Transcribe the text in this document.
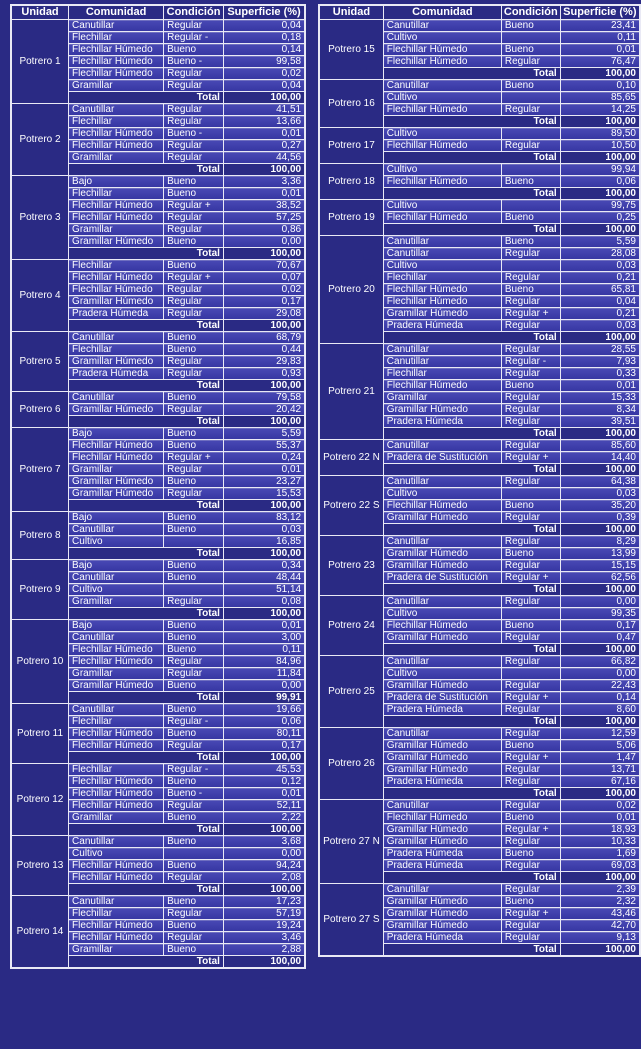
Unidad	Comunidad	Condición	Superficie (%)
Potrero 1	Canutillar	Regular	0,04
	Flechillar	Regular -	0,18
	Flechillar Húmedo	Bueno	0,14
	Flechillar Húmedo	Bueno -	99,58
	Flechillar Húmedo	Regular	0,02
	Gramillar	Regular	0,04
	Total		100,00
Potrero 2	Canutillar	Regular	41,51
	Flechillar	Regular	13,66
	Flechillar Húmedo	Bueno -	0,01
	Flechillar Húmedo	Regular	0,27
	Gramillar	Regular	44,56
	Total		100,00
Potrero 3	Bajo	Bueno	3,36
	Flechillar	Bueno	0,01
	Flechillar Húmedo	Regular +	38,52
	Flechillar Húmedo	Regular	57,25
	Gramillar	Regular	0,86
	Gramillar Húmedo	Bueno	0,00
	Total		100,00
Potrero 4	Flechillar	Bueno	70,67
	Flechillar Húmedo	Regular +	0,07
	Flechillar Húmedo	Regular	0,02
	Gramillar Húmedo	Regular	0,17
	Pradera Húmeda	Regular	29,08
	Total		100,00
Potrero 5	Canutillar	Bueno	68,79
	Flechillar	Bueno	0,44
	Gramillar Húmedo	Regular	29,83
	Pradera Húmeda	Regular	0,93
	Total		100,00
Potrero 6	Canutillar	Bueno	79,58
	Gramillar Húmedo	Regular	20,42
	Total		100,00
Potrero 7	Bajo	Bueno	5,59
	Flechillar Húmedo	Bueno	55,37
	Flechillar Húmedo	Regular +	0,24
	Gramillar	Regular	0,01
	Gramillar Húmedo	Bueno	23,27
	Gramillar Húmedo	Regular	15,53
	Total		100,00
Potrero 8	Bajo	Bueno	83,12
	Canutillar	Bueno	0,03
	Cultivo		16,85
	Total		100,00
Potrero 9	Bajo	Bueno	0,34
	Canutillar	Bueno	48,44
	Cultivo		51,14
	Gramillar	Regular	0,08
	Total		100,00
Potrero 10	Bajo	Bueno	0,01
	Canutillar	Bueno	3,00
	Flechillar Húmedo	Bueno	0,11
	Flechillar Húmedo	Regular	84,96
	Gramillar	Regular	11,84
	Gramillar Húmedo	Bueno	0,00
	Total		99,91
Potrero 11	Canutillar	Bueno	19,66
	Flechillar	Regular -	0,06
	Flechillar Húmedo	Bueno	80,11
	Flechillar Húmedo	Regular	0,17
	Total		100,00
Potrero 12	Flechillar	Regular -	45,53
	Flechillar Húmedo	Bueno	0,12
	Flechillar Húmedo	Bueno -	0,01
	Flechillar Húmedo	Regular	52,11
	Gramillar	Bueno	2,22
	Total		100,00
Potrero 13	Canutillar	Bueno	3,68
	Cultivo		0,00
	Flechillar Húmedo	Bueno	94,24
	Flechillar Húmedo	Regular	2,08
	Total		100,00
Potrero 14	Canutillar	Bueno	17,23
	Flechillar	Regular	57,19
	Flechillar Húmedo	Bueno	19,24
	Flechillar Húmedo	Regular	3,46
	Gramillar	Bueno	2,88
	Total		100,00
Unidad	Comunidad	Condición	Superficie (%)
Potrero 15	Canutillar	Bueno	23,41
	Cultivo		0,11
	Flechillar Húmedo	Bueno	0,01
	Flechillar Húmedo	Regular	76,47
	Total		100,00
Potrero 16	Canutillar	Bueno	0,10
	Cultivo		85,65
	Flechillar Húmedo	Regular	14,25
	Total		100,00
Potrero 17	Cultivo		89,50
	Flechillar Húmedo	Regular	10,50
	Total		100,00
Potrero 18	Cultivo		99,94
	Flechillar Húmedo	Bueno	0,06
	Total		100,00
Potrero 19	Cultivo		99,75
	Flechillar Húmedo	Bueno	0,25
	Total		100,00
Potrero 20	Canutillar	Bueno	5,59
	Canutillar	Regular	28,08
	Cultivo		0,03
	Flechillar	Regular	0,21
	Flechillar Húmedo	Bueno	65,81
	Flechillar Húmedo	Regular	0,04
	Gramillar Húmedo	Regular +	0,21
	Pradera Húmeda	Regular	0,03
	Total		100,00
Potrero 21	Canutillar	Regular	28,55
	Canutillar	Regular -	7,93
	Flechillar	Regular	0,33
	Flechillar Húmedo	Bueno	0,01
	Gramillar	Regular	15,33
	Gramillar Húmedo	Regular	8,34
	Pradera Húmeda	Regular	39,51
	Total		100,00
Potrero 22 N	Canutillar	Regular	85,60
	Pradera de Sustitución	Regular +	14,40
	Total		100,00
Potrero 22 S	Canutillar	Regular	64,38
	Cultivo		0,03
	Flechillar Húmedo	Bueno	35,20
	Gramillar Húmedo	Regular	0,39
	Total		100,00
Potrero 23	Canutillar	Regular	8,29
	Gramillar Húmedo	Bueno	13,99
	Gramillar Húmedo	Regular	15,15
	Pradera de Sustitución	Regular +	62,56
	Total		100,00
Potrero 24	Canutillar	Regular	0,00
	Cultivo		99,35
	Flechillar Húmedo	Bueno	0,17
	Gramillar Húmedo	Regular	0,47
	Total		100,00
Potrero 25	Canutillar	Regular	66,82
	Cultivo		0,00
	Gramillar Húmedo	Regular	22,43
	Pradera de Sustitución	Regular +	0,14
	Pradera Húmeda	Regular	8,60
	Total		100,00
Potrero 26	Canutillar	Regular	12,59
	Gramillar Húmedo	Bueno	5,06
	Gramillar Húmedo	Regular +	1,47
	Gramillar Húmedo	Regular	13,71
	Pradera Húmeda	Regular	67,16
	Total		100,00
Potrero 27 N	Canutillar	Regular	0,02
	Flechillar Húmedo	Bueno	0,01
	Gramillar Húmedo	Regular +	18,93
	Gramillar Húmedo	Regular	10,33
	Pradera Húmeda	Bueno	1,69
	Pradera Húmeda	Regular	69,03
	Total		100,00
Potrero 27 S	Canutillar	Regular	2,39
	Gramillar Húmedo	Bueno	2,32
	Gramillar Húmedo	Regular +	43,46
	Gramillar Húmedo	Regular	42,70
	Pradera Húmeda	Regular	9,13
	Total		100,00
